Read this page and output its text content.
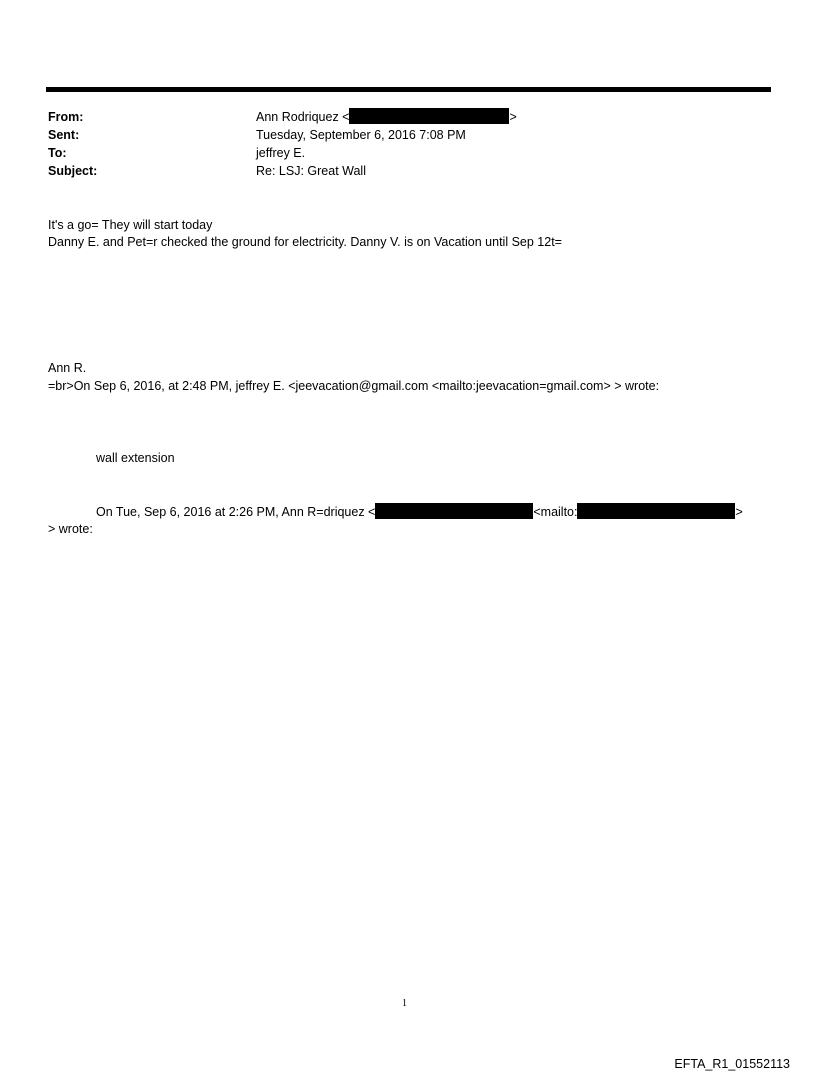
From:	Ann Rodriquez <	>
Sent:	Tuesday, September 6, 2016 7:08 PM
To:	jeffrey E.
Subject:	Re: LSJ: Great Wall
It's a go= They will start today
Danny E. and Pet=r checked the ground for electricity. Danny V. is on Vacation until Sep 12t=
Ann R.
=br>On Sep 6, 2016, at 2:48 PM, jeffrey E. <jeevacation@gmail.com <mailto:jeevacation=gmail.com> > wrote:
wall extension
On Tue, Sep 6, 2016 at 2:26 PM, Ann R=driquez <	<mailto:	>
> wrote:
1
EFTA_R1_01552113
